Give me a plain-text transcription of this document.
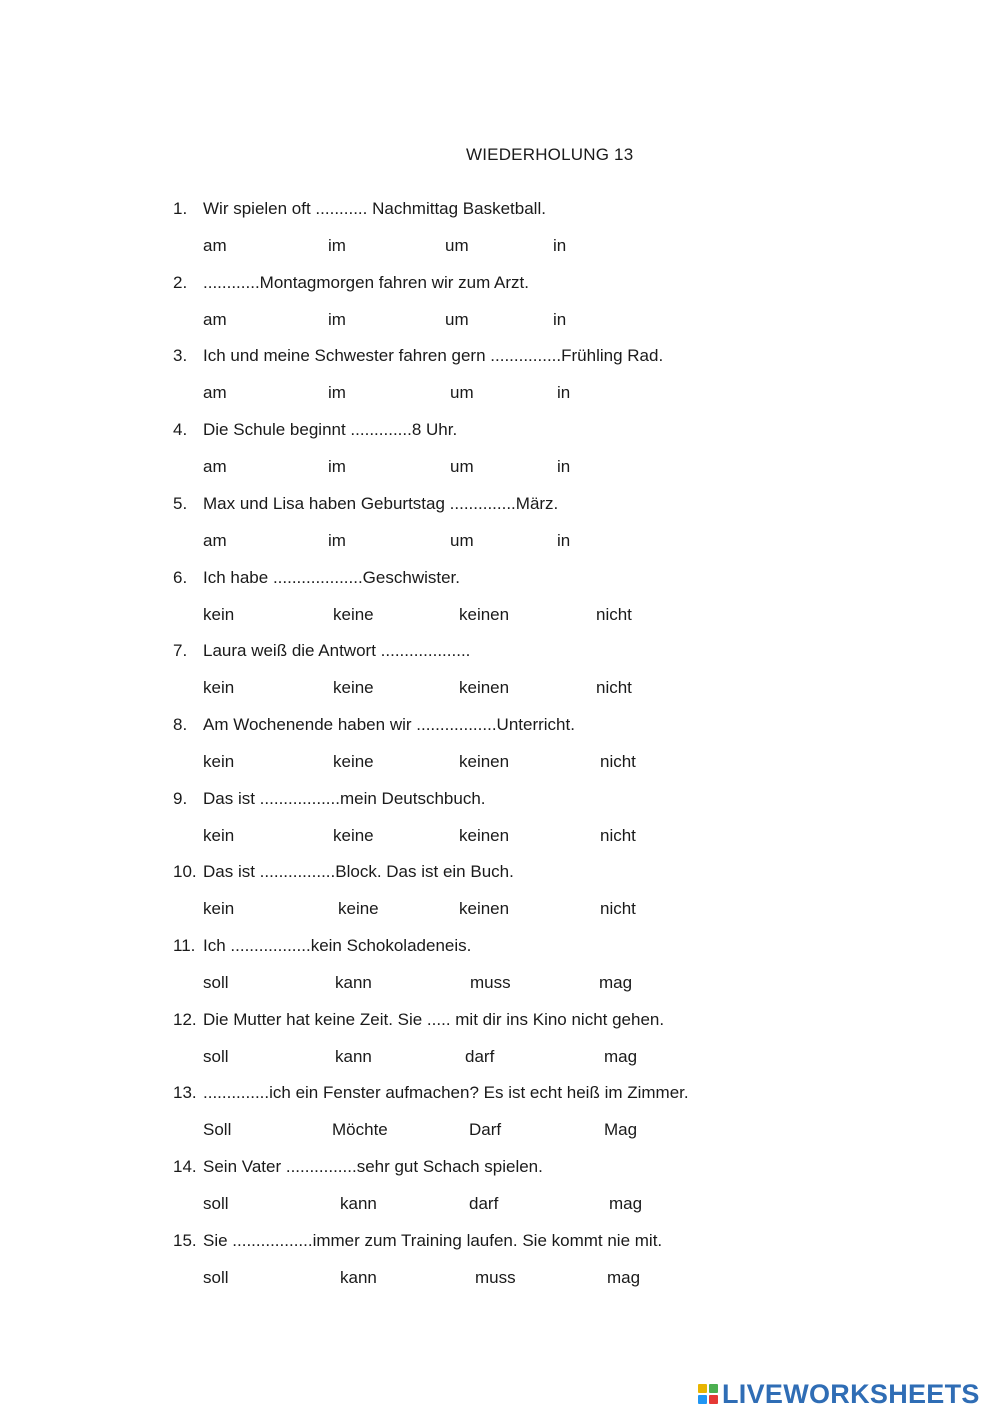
WIEDERHOLUNG 13
1. Wir spielen oft ........... Nachmittag Basketball.
am	im	um	in
2. ............Montagmorgen fahren wir zum Arzt.
am	im	um	in
3. Ich und meine Schwester fahren gern ...............Frühling Rad.
am	im	um	in
4. Die Schule beginnt .............8 Uhr.
am	im	um	in
5. Max und Lisa haben Geburtstag ..............März.
am	im	um	in
6. Ich habe ...................Geschwister.
kein	keine	keinen	nicht
7. Laura weiß die Antwort ...................
kein	keine	keinen	nicht
8. Am Wochenende haben wir .................Unterricht.
kein	keine	keinen	nicht
9. Das ist .................mein Deutschbuch.
kein	keine	keinen	nicht
10. Das ist ................Block. Das ist ein Buch.
kein	keine	keinen	nicht
11. Ich .................kein Schokoladeneis.
soll	kann	muss	mag
12. Die Mutter hat keine Zeit. Sie ..... mit dir ins Kino nicht gehen.
soll	kann	darf	mag
13. ..............ich ein Fenster aufmachen? Es ist echt heiß im Zimmer.
Soll	Möchte	Darf	Mag
14. Sein Vater ...............sehr gut Schach spielen.
soll	kann	darf	mag
15. Sie .................immer zum Training laufen. Sie kommt nie mit.
soll	kann	muss	mag
LIVEWORKSHEETS
